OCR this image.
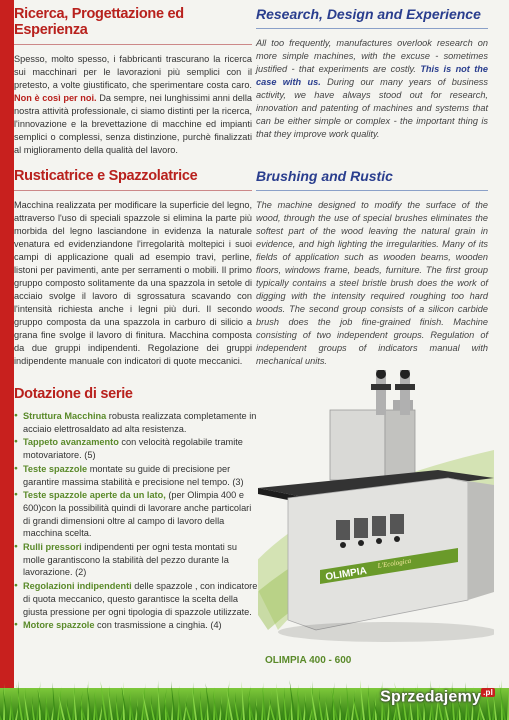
Ricerca, Progettazione ed Esperienza

Spesso, molto spesso, i fabbricanti trascurano la ricerca sui macchinari per le lavorazioni più semplici con il pretesto, a volte giustificato, che sperimentare costa caro. Non è così per noi. Da sempre, nei lunghissimi anni della nostra attività professionale, ci siamo distinti per la ricerca, l'innovazione e la brevettazione di macchine ed impianti semplici o complessi, senza distinzione, purchè finalizzati al miglioramento della qualità del lavoro.

Rusticatrice e Spazzolatrice

Macchina realizzata per modificare la superficie del legno, attraverso l'uso di speciali spazzole si elimina la parte più morbida del legno lasciandone in evidenza la naturale venatura ed evidenziandone l'irregolarità moltepici i suoi campi di applicazione quali ad esempio travi, perline, listoni per pavimenti, ante per serramenti o mobili. Il primo gruppo composto solitamente da una spazzola in setole di acciaio svolge il lavoro di sgrossatura scavando con l'intensità richiesta anche i legni più duri. Il secondo gruppo composta da una spazzola in carburo di silicio a grana fine svolge il lavoro di finitura. Macchina composta da due gruppi indipendenti. Regolazione dei gruppi indipendente manuale con indicatori di quote meccanici.

Dotazione di serie
● Struttura Macchina robusta realizzata completamente in acciaio elettrosaldato ad alta resistenza.
● Tappeto avanzamento con velocità regolabile tramite motovariatore. (5)
● Teste spazzole montate su guide di precisione per garantire massima stabilità e precisione nel tempo. (3)
● Teste spazzole aperte da un lato, (per Olimpia 400 e 600)con la possibilità quindi di lavorare anche particolari di grandi dimensioni oltre al campo di lavoro della macchina scelta.
● Rulli pressori indipendenti per ogni testa montati su molle garantiscono la stabilità del pezzo durante la lavorazione. (2)
● Regolazioni indipendenti delle spazzole , con indicatore di quota meccanico, questo garantisce la scelta della giusta pressione per ogni tipologia di spazzole utilizzate.
● Motore spazzole con trasmissione a cinghia. (4)
Research, Design and Experience

All too frequently, manufactures overlook research on more simple machines, with the excuse - sometimes justified - that experiments are costly. This is not the case with us. During our many years of business activity, we have always stood out for research, innovation and patenting of machines and systems that can be either simple or complex - the important thing is that they improve work quality.

Brushing and Rustic

The machine designed to modify the surface of the wood, through the use of special brushes eliminates the softest part of the wood leaving the natural grain in evidence, and high lighting the irregularities. Many of its fields of application such as wooden beams, wooden floors, windows frame, beads, furniture. The first group typically contains a steel bristle brush does the work of digging with the intensity required roughing too hard woods. The second group consists of a silicon carbide brush does the job fine-grained finish. Machine consisting of two independent groups. Regulation of independent groups of indicators manual with mechanical units.

OLIMPIA
L'Ecologica
OLIMPIA 400 - 600
Sprzedajemy $^{.pl}$
